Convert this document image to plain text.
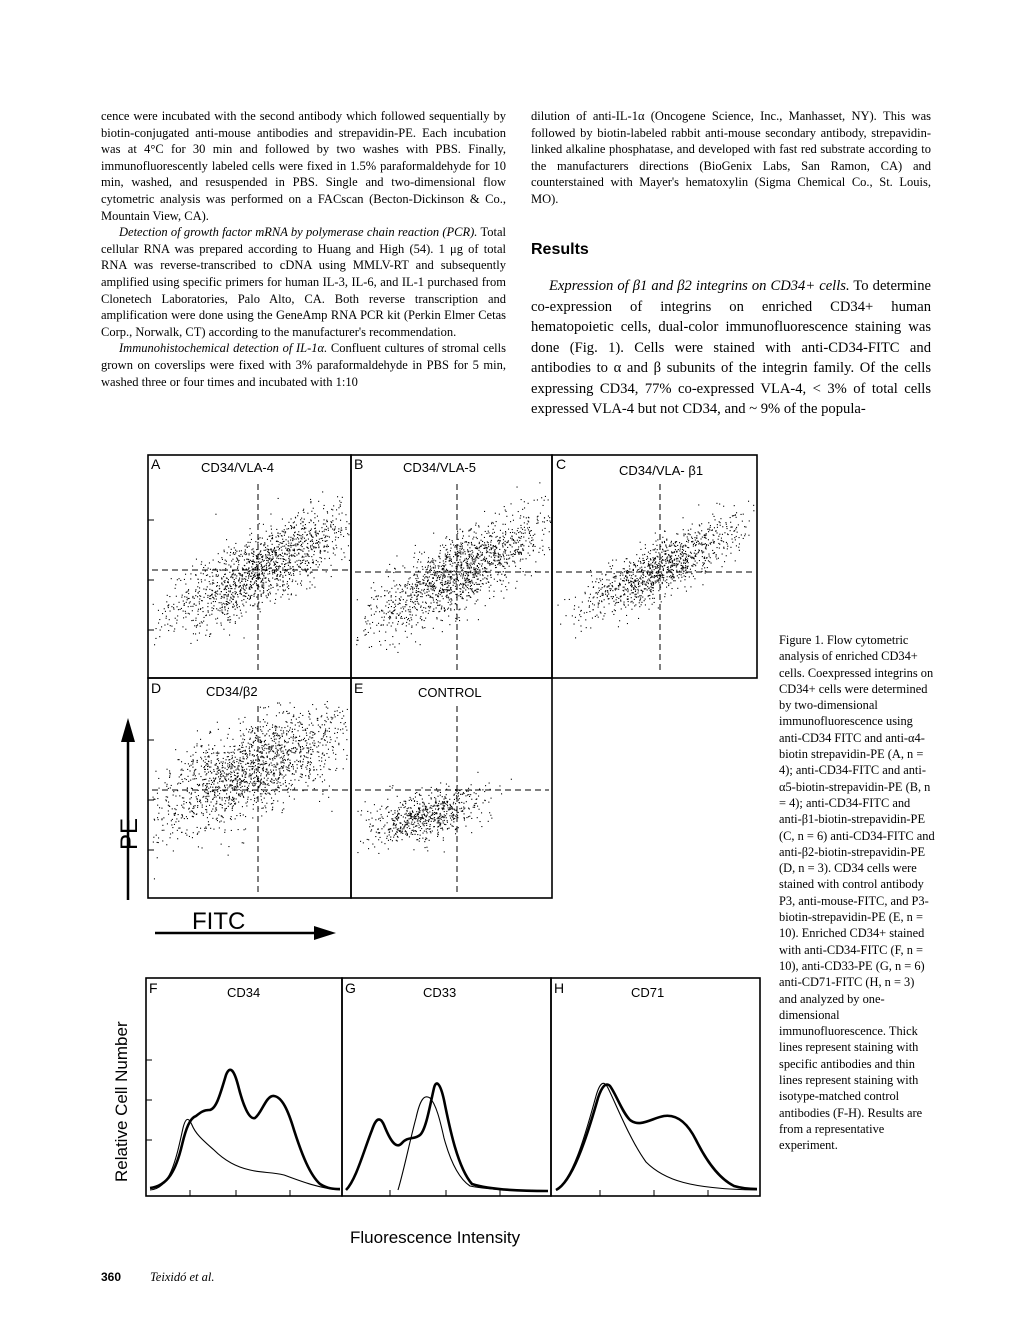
cence were incubated with the second antibody which followed sequentially by biotin-conjugated anti-mouse antibodies and strepavidin-PE. Each incubation was at 4°C for 30 min and followed by two washes with PBS. Finally, immunofluorescently labeled cells were fixed in 1.5% paraformaldehyde for 10 min, washed, and resuspended in PBS. Single and two-dimensional flow cytometric analysis was performed on a FACscan (Becton-Dickinson & Co., Mountain View, CA).

Detection of growth factor mRNA by polymerase chain reaction (PCR). Total cellular RNA was prepared according to Huang and High (54). 1 μg of total RNA was reverse-transcribed to cDNA using MMLV-RT and subsequently amplified using specific primers for human IL-3, IL-6, and IL-1 purchased from Clonetech Laboratories, Palo Alto, CA. Both reverse transcription and amplification were done using the GeneAmp RNA PCR kit (Perkin Elmer Cetas Corp., Norwalk, CT) according to the manufacturer's recommendation.

Immunohistochemical detection of IL-1α. Confluent cultures of stromal cells grown on coverslips were fixed with 3% paraformaldehyde in PBS for 5 min, washed three or four times and incubated with 1:10

dilution of anti-IL-1α (Oncogene Science, Inc., Manhasset, NY). This was followed by biotin-labeled rabbit anti-mouse secondary antibody, strepavidin-linked alkaline phosphatase, and developed with fast red substrate according to the manufacturers directions (BioGenix Labs, San Ramon, CA) and counterstained with Mayer's hematoxylin (Sigma Chemical Co., St. Louis, MO).

Results

Expression of β1 and β2 integrins on CD34+ cells. To determine co-expression of integrins on enriched CD34+ human hematopoietic cells, dual-color immunofluorescence staining was done (Fig. 1). Cells were stained with anti-CD34-FITC and antibodies to α and β subunits of the integrin family. Of the cells expressing CD34, 77% co-expressed VLA-4, < 3% of total cells expressed VLA-4 but not CD34, and ~ 9% of the popula-

A	CD34/VLA-4	B	CD34/VLA-5	C	CD34/VLA- β1
D	CD34/β2	E	CONTROL
F	CD34	G	CD33	H	CD71
PE
FITC
Relative Cell Number
Fluorescence Intensity
Figure 1. Flow cytometric analysis of enriched CD34+ cells. Coexpressed integrins on CD34+ cells were determined by two-dimensional immunofluorescence using anti-CD34 FITC and anti-α4-biotin strepavidin-PE (A, n = 4); anti-CD34-FITC and anti-α5-biotin-strepavidin-PE (B, n = 4); anti-CD34-FITC and anti-β1-biotin-strepavidin-PE (C, n = 6) anti-CD34-FITC and anti-β2-biotin-strepavidin-PE (D, n = 3). CD34 cells were stained with control antibody P3, anti-mouse-FITC, and P3-biotin-strepavidin-PE (E, n = 10). Enriched CD34+ stained with anti-CD34-FITC (F, n = 10), anti-CD33-PE (G, n = 6) anti-CD71-FITC (H, n = 3) and analyzed by one-dimensional immunofluorescence. Thick lines represent staining with specific antibodies and thin lines represent staining with isotype-matched control antibodies (F-H). Results are from a representative experiment.
360 Teixidó et al.
